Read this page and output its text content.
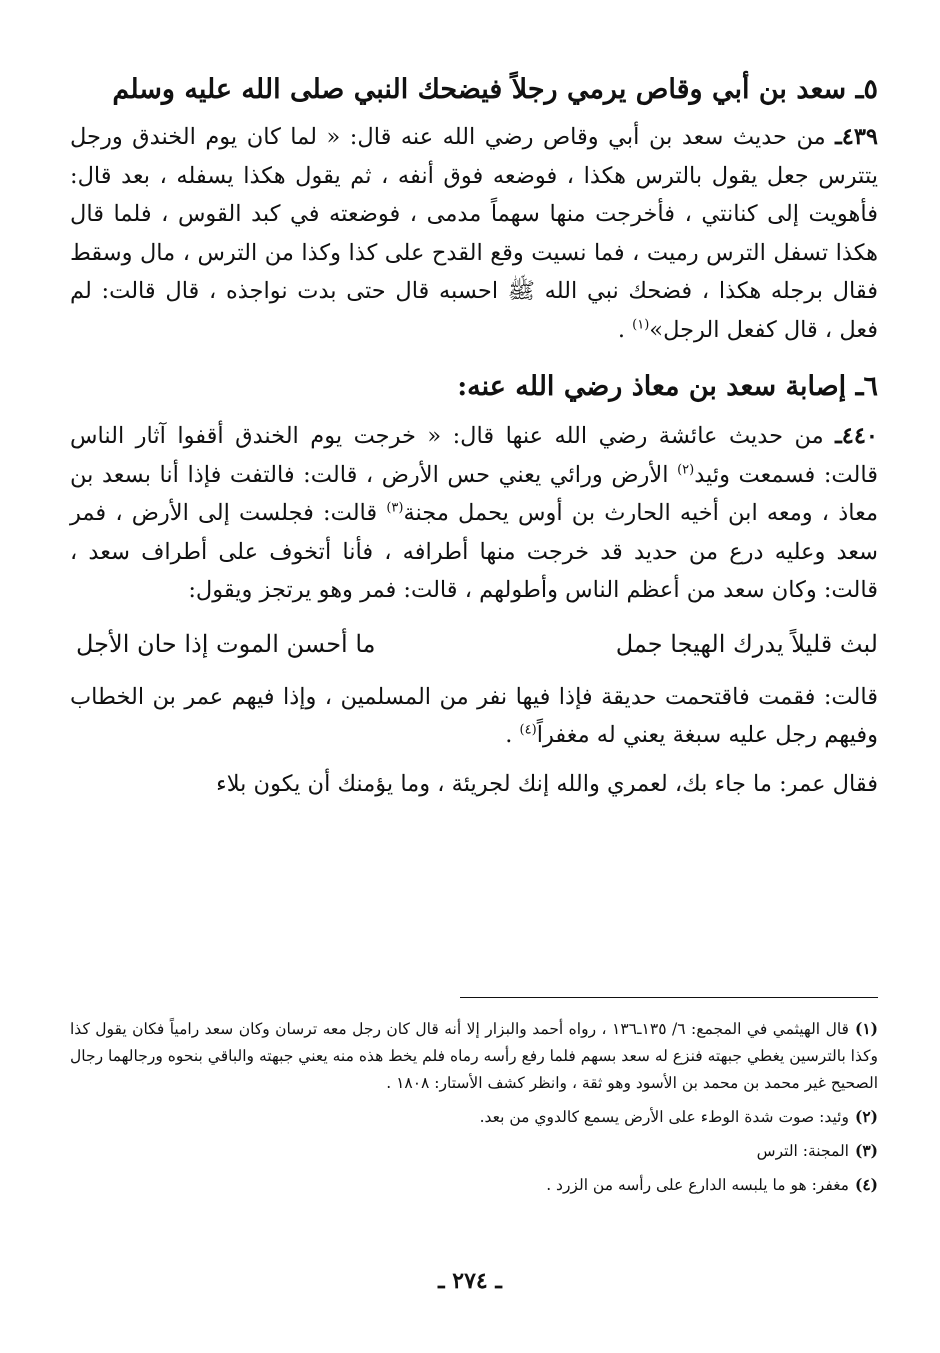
٥ـ سعد بن أبي وقاص يرمي رجلاً فيضحك النبي صلى الله عليه وسلم

٤٣٩ـ من حديث سعد بن أبي وقاص رضي الله عنه قال: « لما كان يوم الخندق ورجل يتترس جعل يقول بالترس هكذا ، فوضعه فوق أنفه ، ثم يقول هكذا يسفله ، بعد قال: فأهويت إلى كنانتي ، فأخرجت منها سهماً مدمى ، فوضعته في كبد القوس ، فلما قال هكذا تسفل الترس رميت ، فما نسيت وقع القدح على كذا وكذا من الترس ، مال وسقط فقال برجله هكذا ، فضحك نبي الله ﷺ احسبه قال حتى بدت نواجذه ، قال قالت: لم فعل ، قال كفعل الرجل»$^{(١)}$ .

٦ـ إصابة سعد بن معاذ رضي الله عنه:

٤٤٠ـ من حديث عائشة رضي الله عنها قال: « خرجت يوم الخندق أقفوا آثار الناس قالت: فسمعت وئيد$^{(٢)}$ الأرض ورائي يعني حس الأرض ، قالت: فالتفت فإذا أنا بسعد بن معاذ ، ومعه ابن أخيه الحارث بن أوس يحمل مجنة$^{(٣)}$ قالت: فجلست إلى الأرض ، فمر سعد وعليه درع من حديد قد خرجت منها أطرافه ، فأنا أتخوف على أطراف سعد ، قالت: وكان سعد من أعظم الناس وأطولهم ، قالت: فمر وهو يرتجز ويقول:

لبث قليلاً يدرك الهيجا جمل
ما أحسن الموت إذا حان الأجل

قالت: فقمت فاقتحمت حديقة فإذا فيها نفر من المسلمين ، وإذا فيهم عمر بن الخطاب وفيهم رجل عليه سبغة يعني له مغفراً$^{(٤)}$ .

فقال عمر: ما جاء بك، لعمري والله إنك لجريئة ، وما يؤمنك أن يكون بلاء

(١)قال الهيثمي في المجمع: ٦/ ١٣٥ـ١٣٦ ، رواه أحمد والبزار إلا أنه قال كان رجل معه ترسان وكان سعد رامياً فكان يقول كذا وكذا بالترسين يغطي جبهته فنزع له سعد بسهم فلما رفع رأسه رماه فلم يخط هذه منه يعني جبهته والباقي بنحوه ورجالهما رجال الصحيح غير محمد بن محمد بن الأسود وهو ثقة ، وانظر كشف الأستار: ١٨٠٨ .

(٢)وئيد: صوت شدة الوطء على الأرض يسمع كالدوي من بعد.

(٣)المجنة: الترس

(٤)مغفر: هو ما يلبسه الدارع على رأسه من الزرد .

ـ ٢٧٤ ـ
